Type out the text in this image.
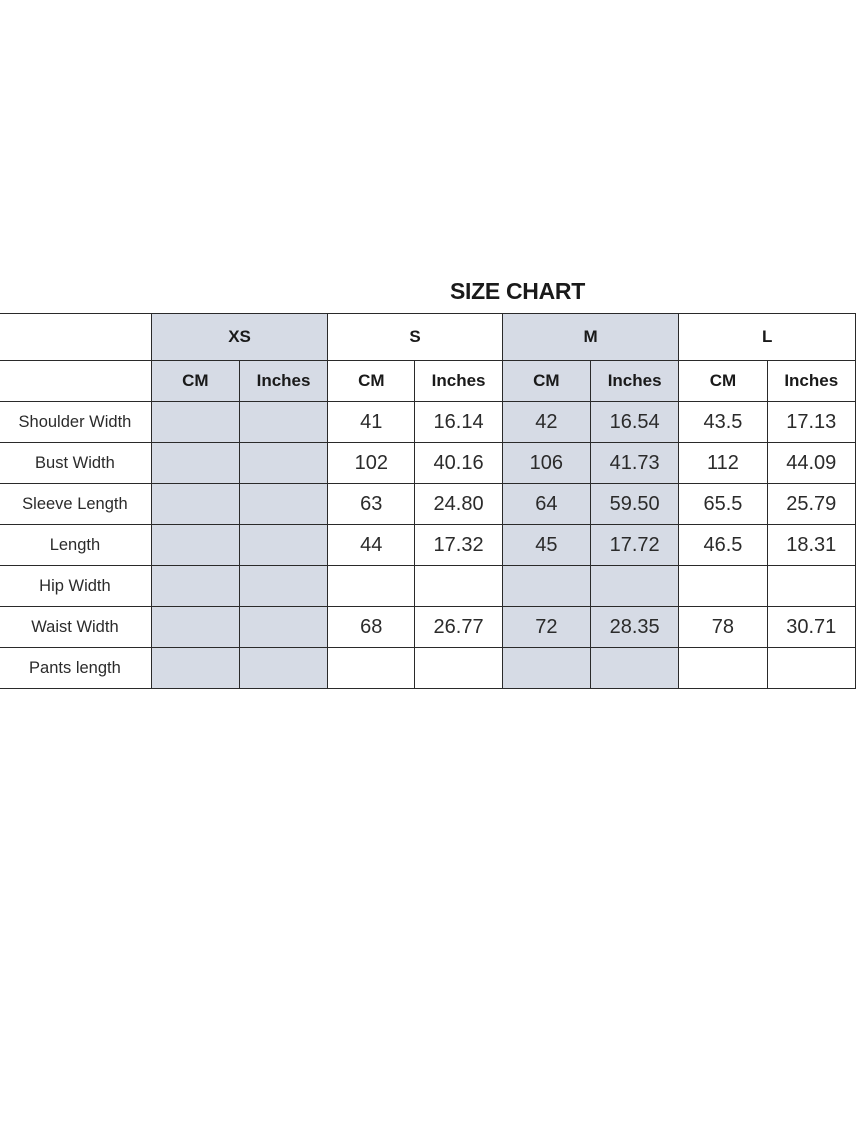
SIZE CHART
	XS		S		M		L	
	CM	Inches	CM	Inches	CM	Inches	CM	Inches
Shoulder Width			41	16.14	42	16.54	43.5	17.13
Bust Width			102	40.16	106	41.73	112	44.09
Sleeve Length			63	24.80	64	59.50	65.5	25.79
Length			44	17.32	45	17.72	46.5	18.31
Hip Width								
Waist Width			68	26.77	72	28.35	78	30.71
Pants length								
